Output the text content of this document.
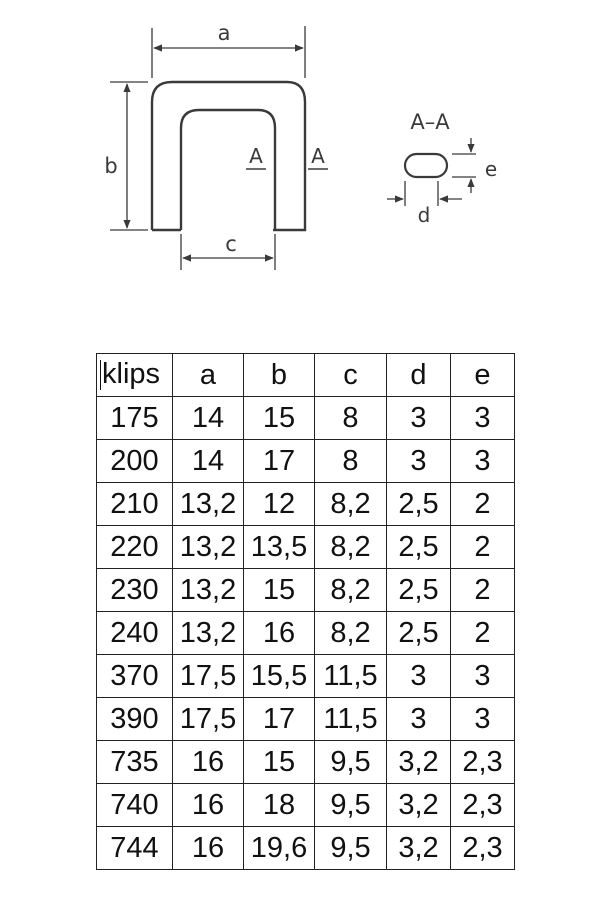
a
b
c
A A
A–A
e
d
klips	a	b	c	d	e
175	14	15	8	3	3
200	14	17	8	3	3
210	13,2	12	8,2	2,5	2
220	13,2	13,5	8,2	2,5	2
230	13,2	15	8,2	2,5	2
240	13,2	16	8,2	2,5	2
370	17,5	15,5	11,5	3	3
390	17,5	17	11,5	3	3
735	16	15	9,5	3,2	2,3
740	16	18	9,5	3,2	2,3
744	16	19,6	9,5	3,2	2,3
